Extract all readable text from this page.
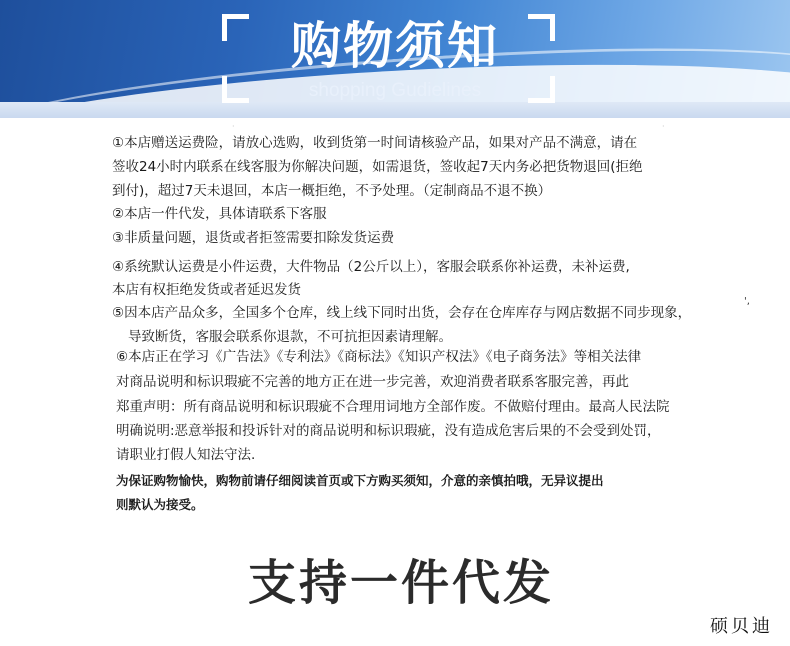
购物须知
shopping Gudielines
·	·
①本店赠送运费险，请放心选购，收到货第一时间请核验产品，如果对产品不满意，请在
签收24小时内联系在线客服为你解决问题，如需退货，签收起7天内务必把货物退回(拒绝
到付)，超过7天未退回，本店一概拒绝，不予处理。（定制商品不退不换）
②本店一件代发，具体请联系下客服
③非质量问题，退货或者拒签需要扣除发货运费
④系统默认运费是小件运费，大件物品（2公斤以上），客服会联系你补运费，未补运费,
本店有权拒绝发货或者延迟发货
⑤因本店产品众多，全国多个仓库，线上线下同时出货，会存在仓库库存与网店数据不同步现象，
导致断货，客服会联系你退款，不可抗拒因素请理解。
⑥本店正在学习《广告法》《专利法》《商标法》《知识产权法》《电子商务法》等相关法律
对商品说明和标识瑕疵不完善的地方正在进一步完善，欢迎消费者联系客服完善，再此
郑重声明：所有商品说明和标识瑕疵不合理用词地方全部作废。不做赔付理由。最高人民法院
明确说明:恶意举报和投诉针对的商品说明和标识瑕疵，没有造成危害后果的不会受到处罚，
请职业打假人知法守法.
为保证购物愉快，购物前请仔细阅读首页或下方购买须知，介意的亲慎拍哦，无异议提出
则默认为接受。
',
支持一件代发
硕贝迪
